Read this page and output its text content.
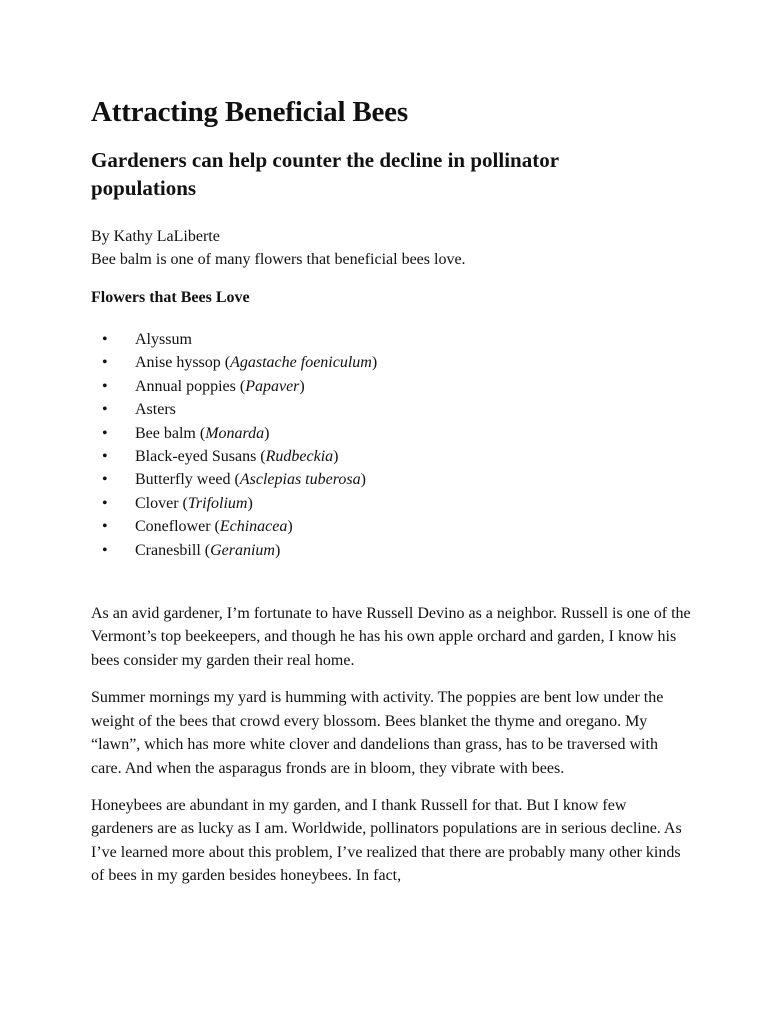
Attracting Beneficial Bees
Gardeners can help counter the decline in pollinator populations

By Kathy LaLiberte

Bee balm is one of many flowers that beneficial bees love.

Flowers that Bees Love
• Alyssum
• Anise hyssop (Agastache foeniculum)
• Annual poppies (Papaver)
• Asters
• Bee balm (Monarda)
• Black-eyed Susans (Rudbeckia)
• Butterfly weed (Asclepias tuberosa)
• Clover (Trifolium)
• Coneflower (Echinacea)
• Cranesbill (Geranium)

As an avid gardener, I’m fortunate to have Russell Devino as a neighbor. Russell is one of the Vermont’s top beekeepers, and though he has his own apple orchard and garden, I know his bees consider my garden their real home.

Summer mornings my yard is humming with activity. The poppies are bent low under the weight of the bees that crowd every blossom. Bees blanket the thyme and oregano. My “lawn”, which has more white clover and dandelions than grass, has to be traversed with care. And when the asparagus fronds are in bloom, they vibrate with bees.

Honeybees are abundant in my garden, and I thank Russell for that. But I know few gardeners are as lucky as I am. Worldwide, pollinators populations are in serious decline. As I’ve learned more about this problem, I’ve realized that there are probably many other kinds of bees in my garden besides honeybees. In fact,
